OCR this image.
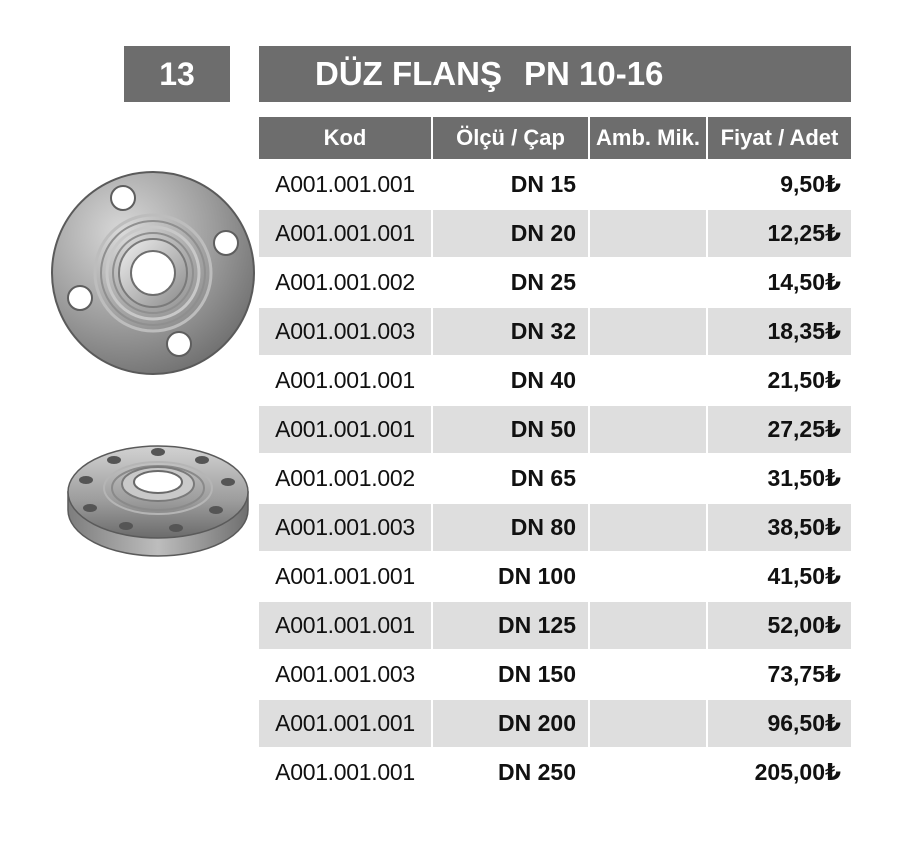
13	DÜZ FLANŞ PN 10-16
Kod	Ölçü / Çap	Amb. Mik.	Fiyat / Adet
A001.001.001	DN 15		9,50₺
A001.001.001	DN 20		12,25₺
A001.001.002	DN 25		14,50₺
A001.001.003	DN 32		18,35₺
A001.001.001	DN 40		21,50₺
A001.001.001	DN 50		27,25₺
A001.001.002	DN 65		31,50₺
A001.001.003	DN 80		38,50₺
A001.001.001	DN 100		41,50₺
A001.001.001	DN 125		52,00₺
A001.001.003	DN 150		73,75₺
A001.001.001	DN 200		96,50₺
A001.001.001	DN 250		205,00₺
